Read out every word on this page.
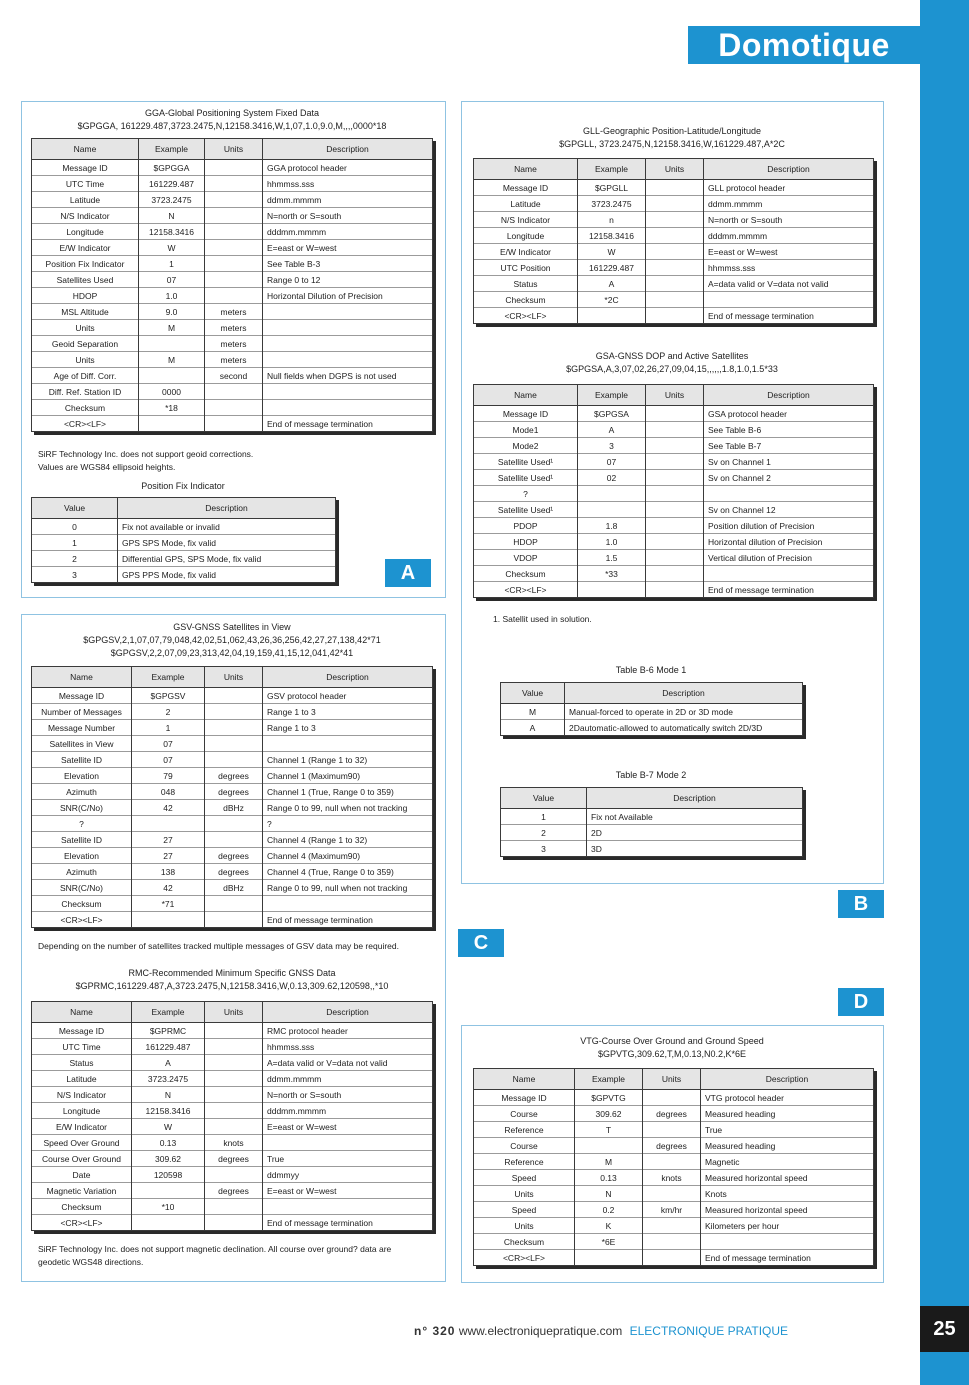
25
Domotique
GGA-Global Positioning System Fixed Data
$GPGGA, 161229.487,3723.2475,N,12158.3416,W,1,07,1.0,9.0,M,,,,0000*18
Name	Example	Units	Description
Message ID	$GPGGA		GGA protocol header
UTC Time	161229.487		hhmmss.sss
Latitude	3723.2475		ddmm.mmmm
N/S Indicator	N		N=north or S=south
Longitude	12158.3416		dddmm.mmmm
E/W Indicator	W		E=east or W=west
Position Fix Indicator	1		See Table B-3
Satellites Used	07		Range 0 to 12
HDOP	1.0		Horizontal Dilution of Precision
MSL Altitude	9.0	meters	
Units	M	meters	
Geoid Separation		meters	
Units	M	meters	
Age of Diff. Corr.		second	Null fields when DGPS is not used
Diff. Ref. Station ID	0000		
Checksum	*18		
<CR><LF>			End of message termination
SiRF Technology Inc. does not support geoid corrections.
Values are WGS84 ellipsoid heights.
Position Fix Indicator
Value	Description
0	Fix not available or invalid
1	GPS SPS Mode, fix valid
2	Differential GPS, SPS Mode, fix valid
3	GPS PPS Mode, fix valid	A
GSV-GNSS Satellites in View
$GPGSV,2,1,07,07,79,048,42,02,51,062,43,26,36,256,42,27,27,138,42*71
$GPGSV,2,2,07,09,23,313,42,04,19,159,41,15,12,041,42*41
Name	Example	Units	Description
Message ID	$GPGSV		GSV protocol header
Number of Messages	2		Range 1 to 3
Message Number	1		Range 1 to 3
Satellites in View	07		
Satellite ID	07		Channel 1 (Range 1 to 32)
Elevation	79	degrees	Channel 1 (Maximum90)
Azimuth	048	degrees	Channel 1 (True, Range 0 to 359)
SNR(C/No)	42	dBHz	Range 0 to 99, null when not tracking
?			?
Satellite ID	27		Channel 4 (Range 1 to 32)
Elevation	27	degrees	Channel 4 (Maximum90)
Azimuth	138	degrees	Channel 4 (True, Range 0 to 359)
SNR(C/No)	42	dBHz	Range 0 to 99, null when not tracking
Checksum	*71		
<CR><LF>			End of message termination
Depending on the number of satellites tracked multiple messages of GSV data may be required.
RMC-Recommended Minimum Specific GNSS Data
$GPRMC,161229.487,A,3723.2475,N,12158.3416,W,0.13,309.62,120598,,*10
Name	Example	Units	Description
Message ID	$GPRMC		RMC protocol header
UTC Time	161229.487		hhmmss.sss
Status	A		A=data valid or V=data not valid
Latitude	3723.2475		ddmm.mmmm
N/S Indicator	N		N=north or S=south
Longitude	12158.3416		dddmm.mmmm
E/W Indicator	W		E=east or W=west
Speed Over Ground	0.13	knots	
Course Over Ground	309.62	degrees	True
Date	120598		ddmmyy
Magnetic Variation		degrees	E=east or W=west
Checksum	*10		
<CR><LF>			End of message termination
SiRF Technology Inc. does not support magnetic declination. All course over ground? data are
geodetic WGS48 directions.
GLL-Geographic Position-Latitude/Longitude
$GPGLL, 3723.2475,N,12158.3416,W,161229.487,A*2C
Name	Example	Units	Description
Message ID	$GPGLL		GLL protocol header
Latitude	3723.2475		ddmm.mmmm
N/S Indicator	n		N=north or S=south
Longitude	12158.3416		dddmm.mmmm
E/W Indicator	W		E=east or W=west
UTC Position	161229.487		hhmmss.sss
Status	A		A=data valid or V=data not valid
Checksum	*2C		
<CR><LF>			End of message termination
GSA-GNSS DOP and Active Satellites
$GPGSA,A,3,07,02,26,27,09,04,15,,,,,,1.8,1.0,1.5*33
Name	Example	Units	Description
Message ID	$GPGSA		GSA protocol header
Mode1	A		See Table B-6
Mode2	3		See Table B-7
Satellite Used¹	07		Sv on Channel 1
Satellite Used¹	02		Sv on Channel 2
?			
Satellite Used¹			Sv on Channel 12
PDOP	1.8		Position dilution of Precision
HDOP	1.0		Horizontal dilution of Precision
VDOP	1.5		Vertical dilution of Precision
Checksum	*33		
<CR><LF>			End of message termination
1. Satellit used in solution.
Table B-6 Mode 1
Value	Description
M	Manual-forced to operate in 2D or 3D mode
A	2Dautomatic-allowed to automatically switch 2D/3D
Table B-7 Mode 2
Value	Description
1	Fix not Available
2	2D
3	3D
B
C
D
VTG-Course Over Ground and Ground Speed
$GPVTG,309.62,T,M,0.13,N0.2,K*6E
Name	Example	Units	Description
Message ID	$GPVTG		VTG protocol header
Course	309.62	degrees	Measured heading
Reference	T		True
Course		degrees	Measured heading
Reference	M		Magnetic
Speed	0.13	knots	Measured horizontal speed
Units	N		Knots
Speed	0.2	km/hr	Measured horizontal speed
Units	K		Kilometers per hour
Checksum	*6E		
<CR><LF>			End of message termination
n° 320 www.electroniquepratique.com ELECTRONIQUE PRATIQUE
